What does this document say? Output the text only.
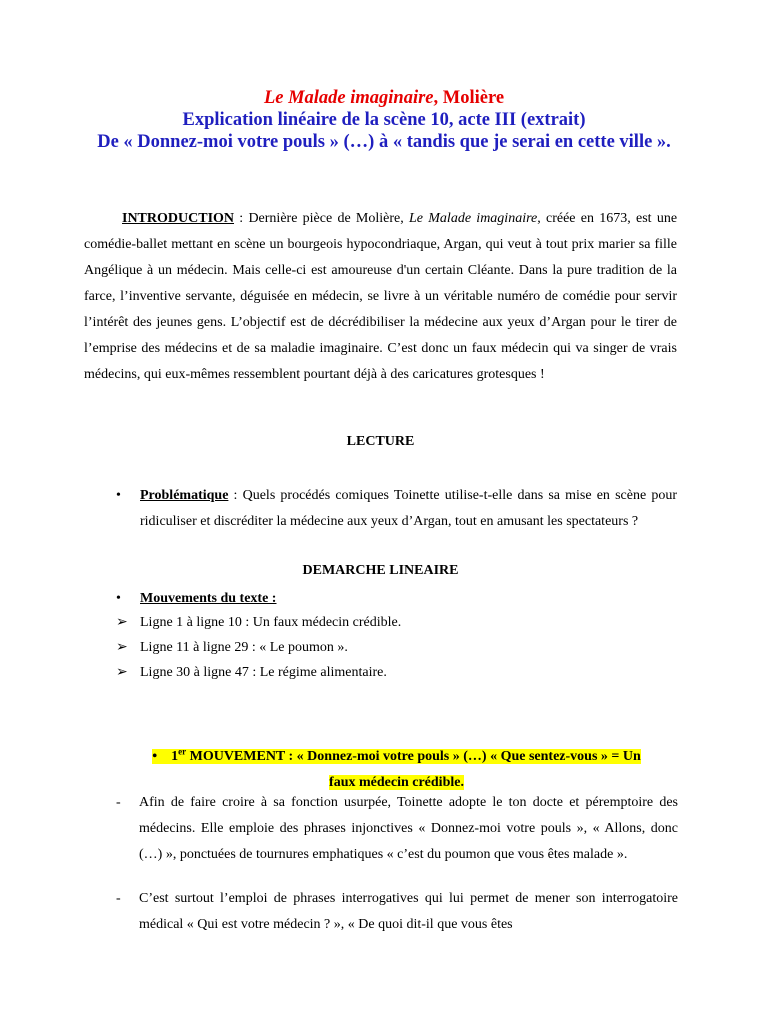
Le Malade imaginaire, Molière
Explication linéaire de la scène 10, acte III (extrait)
De « Donnez-moi votre pouls » (…) à « tandis que je serai en cette ville ».
INTRODUCTION : Dernière pièce de Molière, Le Malade imaginaire, créée en 1673, est une comédie-ballet mettant en scène un bourgeois hypocondriaque, Argan, qui veut à tout prix marier sa fille Angélique à un médecin. Mais celle-ci est amoureuse d'un certain Cléante. Dans la pure tradition de la farce, l’inventive servante, déguisée en médecin, se livre à un véritable numéro de comédie pour servir l’intérêt des jeunes gens. L’objectif est de décrédibiliser la médecine aux yeux d’Argan pour le tirer de l’emprise des médecins et de sa maladie imaginaire. C’est donc un faux médecin qui va singer de vrais médecins, qui eux-mêmes ressemblent pourtant déjà à des caricatures grotesques !
LECTURE
• Problématique : Quels procédés comiques Toinette utilise-t-elle dans sa mise en scène pour ridiculiser et discréditer la médecine aux yeux d’Argan, tout en amusant les spectateurs ?
DEMARCHE LINEAIRE
• Mouvements du texte :
➢ Ligne 1 à ligne 10 : Un faux médecin crédible.
➢ Ligne 11 à ligne 29 : « Le poumon ».
➢ Ligne 30 à ligne 47 : Le régime alimentaire.
• 1er MOUVEMENT : « Donnez-moi votre pouls » (…) « Que sentez-vous » = Un
faux médecin crédible.
- Afin de faire croire à sa fonction usurpée, Toinette adopte le ton docte et péremptoire des médecins. Elle emploie des phrases injonctives « Donnez-moi votre pouls », « Allons, donc (…) », ponctuées de tournures emphatiques « c’est du poumon que vous êtes malade ».
- C’est surtout l’emploi de phrases interrogatives qui lui permet de mener son interrogatoire médical « Qui est votre médecin ? », « De quoi dit-il que vous êtes
